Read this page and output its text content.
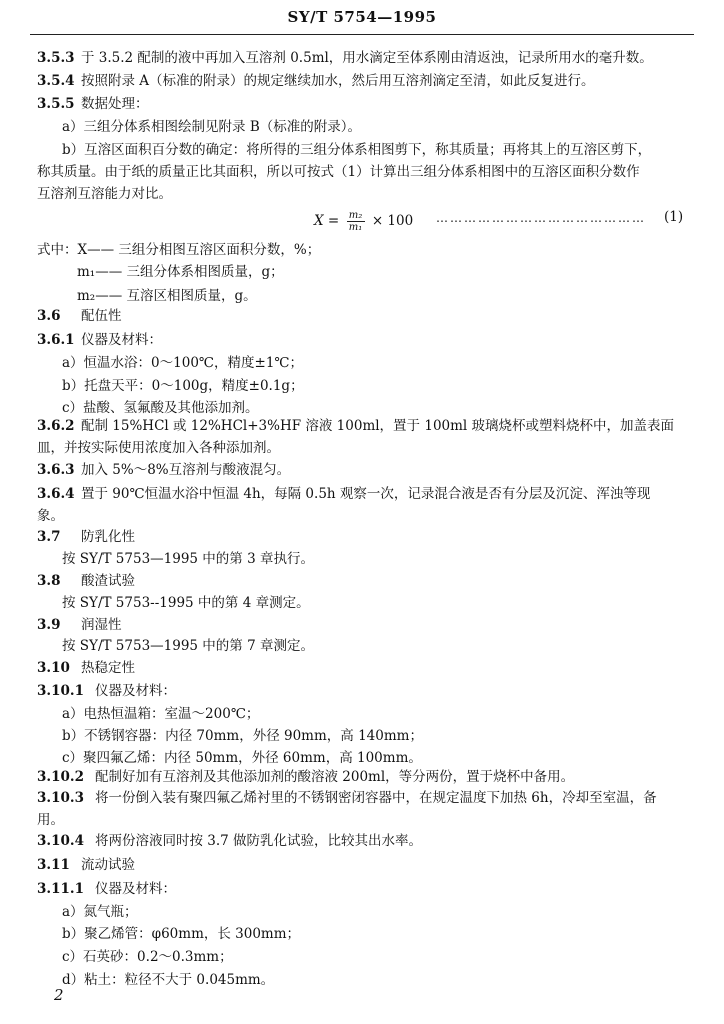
SY/T 5754—1995
3.5.3 于 3.5.2 配制的液中再加入互溶剂 0.5ml，用水滴定至体系刚由清返浊，记录所用水的毫升数。
3.5.4 按照附录 A（标准的附录）的规定继续加水，然后用互溶剂滴定至清，如此反复进行。
3.5.5 数据处理：
a）三组分体系相图绘制见附录 B（标准的附录）。
b）互溶区面积百分数的确定：将所得的三组分体系相图剪下，称其质量；再将其上的互溶区剪下，
称其质量。由于纸的质量正比其面积，所以可按式（1）计算出三组分体系相图中的互溶区面积分数作
互溶剂互溶能力对比。
式中：X—— 三组分相图互溶区面积分数，%；
m₁—— 三组分体系相图质量，g；
m₂—— 互溶区相图质量，g。
3.6 配伍性
3.6.1 仪器及材料：
a）恒温水浴：0～100℃，精度±1℃；
b）托盘天平：0～100g，精度±0.1g；
c）盐酸、氢氟酸及其他添加剂。
3.6.2 配制 15%HCl 或 12%HCl+3%HF 溶液 100ml，置于 100ml 玻璃烧杯或塑料烧杯中，加盖表面
皿，并按实际使用浓度加入各种添加剂。
3.6.3 加入 5%～8%互溶剂与酸液混匀。
3.6.4 置于 90℃恒温水浴中恒温 4h，每隔 0.5h 观察一次，记录混合液是否有分层及沉淀、浑浊等现
象。
3.7 防乳化性
按 SY/T 5753—1995 中的第 3 章执行。
3.8 酸渣试验
按 SY/T 5753--1995 中的第 4 章测定。
3.9 润湿性
按 SY/T 5753—1995 中的第 7 章测定。
3.10 热稳定性
3.10.1 仪器及材料：
a）电热恒温箱：室温～200℃；
b）不锈钢容器：内径 70mm，外径 90mm，高 140mm；
c）聚四氟乙烯：内径 50mm，外径 60mm，高 100mm。
3.10.2 配制好加有互溶剂及其他添加剂的酸溶液 200ml，等分两份，置于烧杯中备用。
3.10.3 将一份倒入装有聚四氟乙烯衬里的不锈钢密闭容器中，在规定温度下加热 6h，冷却至室温，备
用。
3.10.4 将两份溶液同时按 3.7 做防乳化试验，比较其出水率。
3.11 流动试验
3.11.1 仪器及材料：
a）氮气瓶；
b）聚乙烯管：φ60mm，长 300mm；
c）石英砂：0.2～0.3mm；
d）粘土：粒径不大于 0.045mm。
$X = \frac{\text{m₂}}{\text{m₁}} \times 100$ ………………………………………	(1)
2
